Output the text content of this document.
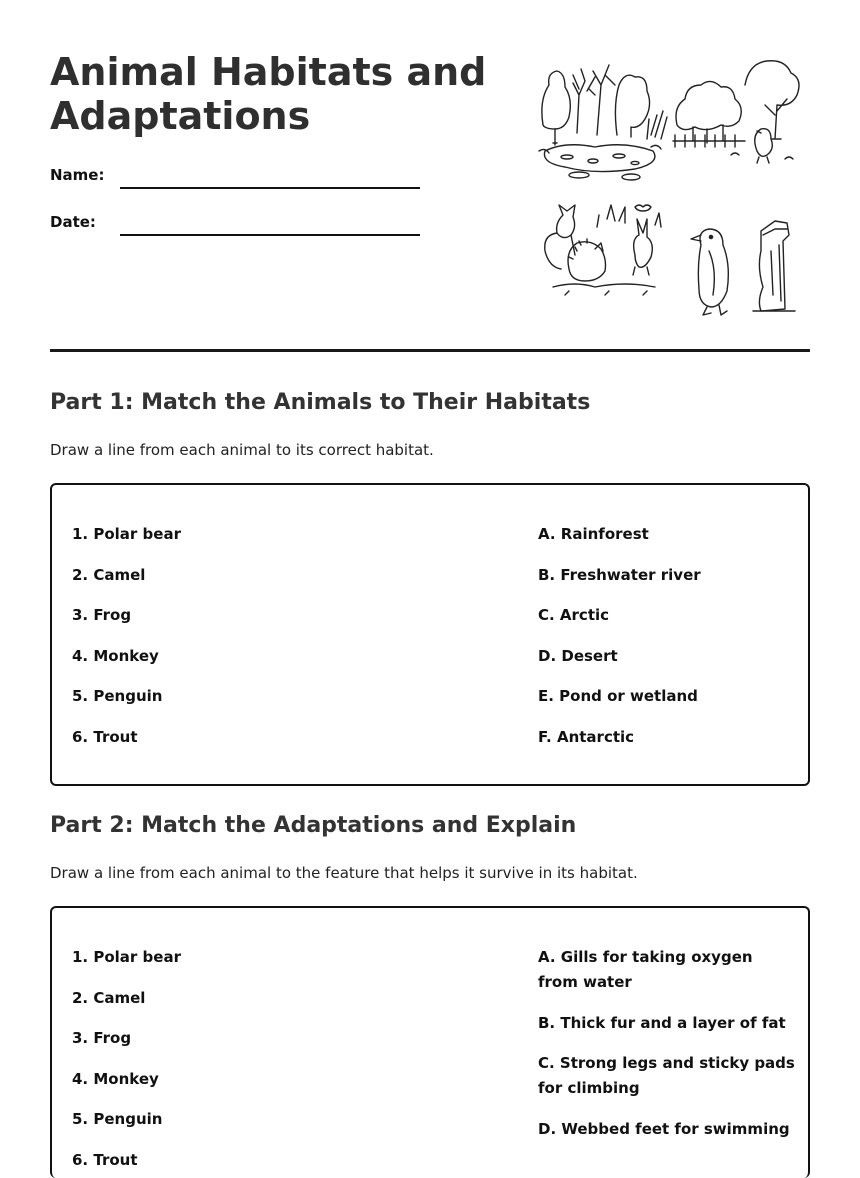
Animal Habitats and Adaptations
Name:
Date:
Part 1: Match the Animals to Their Habitats

Draw a line from each animal to its correct habitat.

1. Polar bear
2. Camel
3. Frog
4. Monkey
5. Penguin
6. Trout
A. Rainforest
B. Freshwater river
C. Arctic
D. Desert
E. Pond or wetland
F. Antarctic
Part 2: Match the Adaptations and Explain

Draw a line from each animal to the feature that helps it survive in its habitat.

1. Polar bear
2. Camel
3. Frog
4. Monkey
5. Penguin
6. Trout
A. Gills for taking oxygen from water
B. Thick fur and a layer of fat
C. Strong legs and sticky pads for climbing
D. Webbed feet for swimming
